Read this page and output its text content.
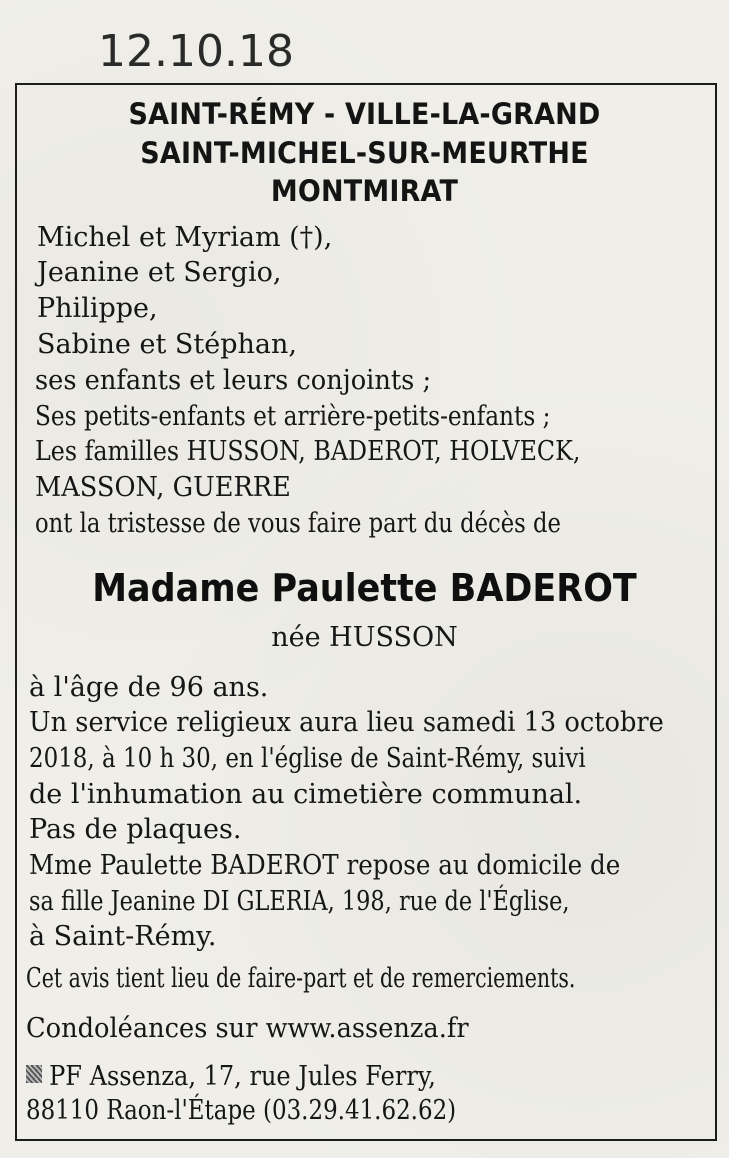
12.10.18
SAINT-RÉMY - VILLE-LA-GRAND
SAINT-MICHEL-SUR-MEURTHE
MONTMIRAT
Michel et Myriam (†),
Jeanine et Sergio,
Philippe,
Sabine et Stéphan,
ses enfants et leurs conjoints ;
Ses petits-enfants et arrière-petits-enfants ;
Les familles HUSSON, BADEROT, HOLVECK,
MASSON, GUERRE
ont la tristesse de vous faire part du décès de
Madame Paulette BADEROT
née HUSSON
à l'âge de 96 ans.
Un service religieux aura lieu samedi 13 octobre
2018, à 10 h 30, en l'église de Saint-Rémy, suivi
de l'inhumation au cimetière communal.
Pas de plaques.
Mme Paulette BADEROT repose au domicile de
sa fille Jeanine DI GLERIA, 198, rue de l'Église,
à Saint-Rémy.
Cet avis tient lieu de faire-part et de remerciements.
Condoléances sur www.assenza.fr
PF Assenza, 17, rue Jules Ferry,
88110 Raon-l'Étape (03.29.41.62.62)
